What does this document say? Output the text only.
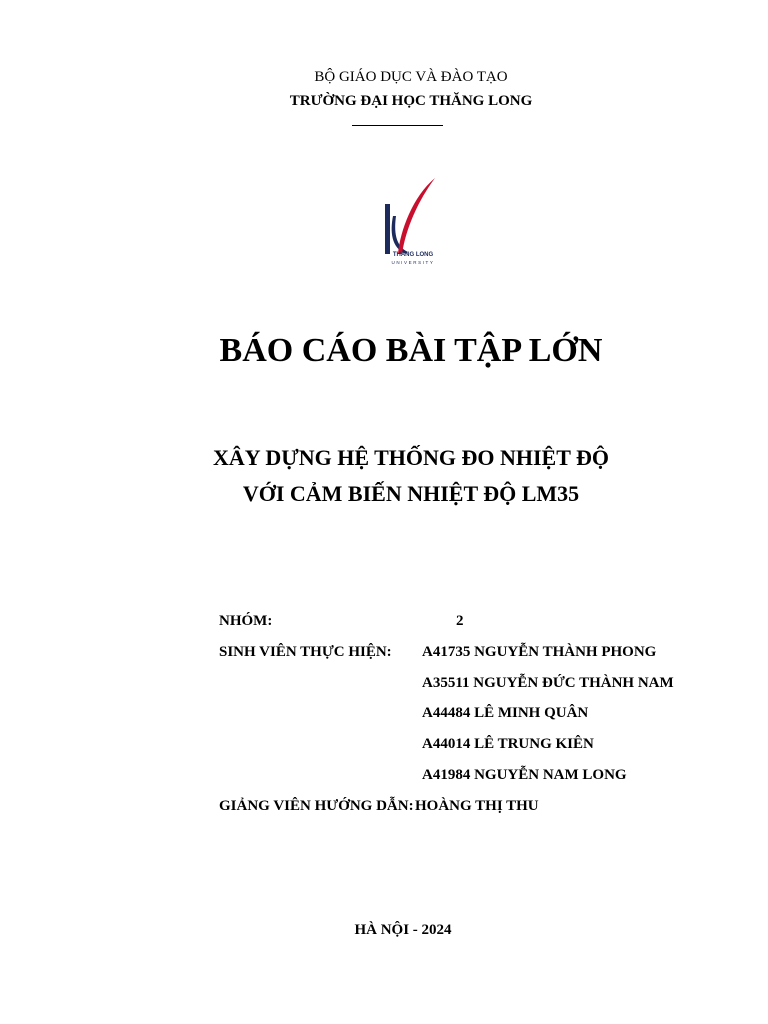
BỘ GIÁO DỤC VÀ ĐÀO TẠO
TRƯỜNG ĐẠI HỌC THĂNG LONG
THANG LONG
UNIVERSITY
BÁO CÁO BÀI TẬP LỚN
XÂY DỰNG HỆ THỐNG ĐO NHIỆT ĐỘ
VỚI CẢM BIẾN NHIỆT ĐỘ LM35
NHÓM:	2
SINH VIÊN THỰC HIỆN: A41735 NGUYỄN THÀNH PHONG
A35511 NGUYỄN ĐỨC THÀNH NAM
A44484 LÊ MINH QUÂN
A44014 LÊ TRUNG KIÊN
A41984 NGUYỄN NAM LONG
GIẢNG VIÊN HƯỚNG DẪN: HOÀNG THỊ THU
HÀ NỘI - 2024
